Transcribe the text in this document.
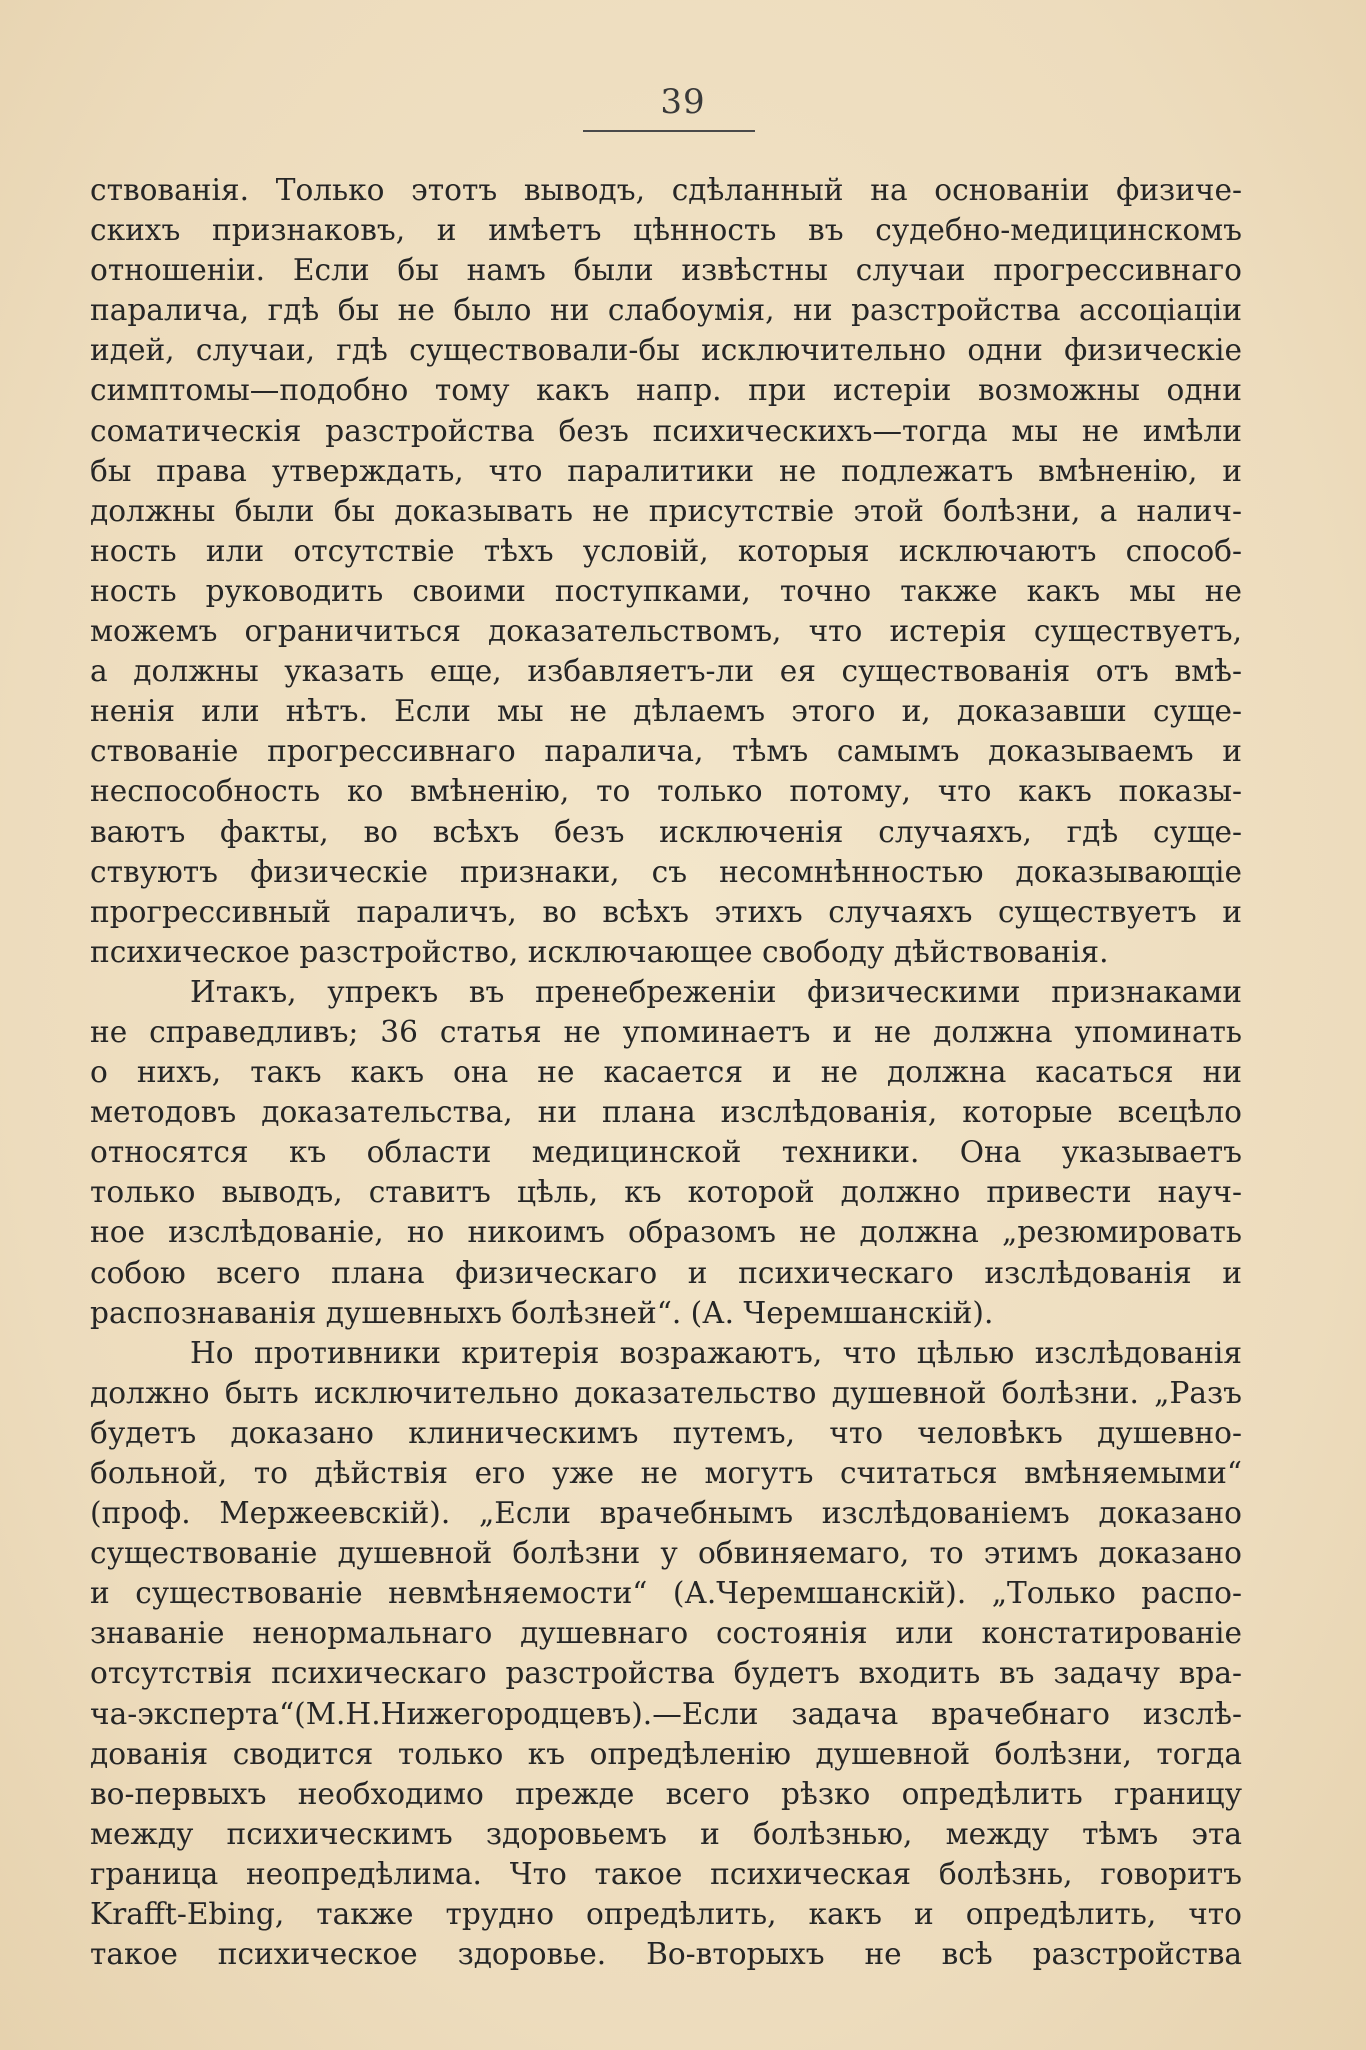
39
ствованія. Только этотъ выводъ, сдѣланный на основаніи физиче-
скихъ признаковъ, и имѣетъ цѣнность въ судебно-медицинскомъ
отношеніи. Если бы намъ были извѣстны случаи прогрессивнаго
паралича, гдѣ бы не было ни слабоумія, ни разстройства ассоціаціи
идей, случаи, гдѣ существовали-бы исключительно одни физическіе
симптомы—подобно тому какъ напр. при истеріи возможны одни
соматическія разстройства безъ психическихъ—тогда мы не имѣли
бы права утверждать, что паралитики не подлежатъ вмѣненію, и
должны были бы доказывать не присутствіе этой болѣзни, а налич-
ность или отсутствіе тѣхъ условій, которыя исключаютъ способ-
ность руководить своими поступками, точно также какъ мы не
можемъ ограничиться доказательствомъ, что истерія существуетъ,
а должны указать еще, избавляетъ-ли ея существованія отъ вмѣ-
ненія или нѣтъ. Если мы не дѣлаемъ этого и, доказавши суще-
ствованіе прогрессивнаго паралича, тѣмъ самымъ доказываемъ и
неспособность ко вмѣненію, то только потому, что какъ показы-
ваютъ факты, во всѣхъ безъ исключенія случаяхъ, гдѣ суще-
ствуютъ физическіе признаки, съ несомнѣнностью доказывающіе
прогрессивный параличъ, во всѣхъ этихъ случаяхъ существуетъ и
психическое разстройство, исключающее свободу дѣйствованія.
Итакъ, упрекъ въ пренебреженіи физическими признаками
не справедливъ; 36 статья не упоминаетъ и не должна упоминать
о нихъ, такъ какъ она не касается и не должна касаться ни
методовъ доказательства, ни плана изслѣдованія, которые всецѣло
относятся къ области медицинской техники. Она указываетъ
только выводъ, ставитъ цѣль, къ которой должно привести науч-
ное изслѣдованіе, но никоимъ образомъ не должна „резюмировать
собою всего плана физическаго и психическаго изслѣдованія и
распознаванія душевныхъ болѣзней“. (А. Черемшанскій).
Но противники критерія возражаютъ, что цѣлью изслѣдованія
должно быть исключительно доказательство душевной болѣзни. „Разъ
будетъ доказано клиническимъ путемъ, что человѣкъ душевно-
больной, то дѣйствія его уже не могутъ считаться вмѣняемыми“
(проф. Мержеевскій). „Если врачебнымъ изслѣдованіемъ доказано
существованіе душевной болѣзни у обвиняемаго, то этимъ доказано
и существованіе невмѣняемости“ (А.Черемшанскій). „Только распо-
знаваніе ненормальнаго душевнаго состоянія или констатированіе
отсутствія психическаго разстройства будетъ входить въ задачу вра-
ча-эксперта“(М.Н.Нижегородцевъ).—Если задача врачебнаго изслѣ-
дованія сводится только къ опредѣленію душевной болѣзни, тогда
во-первыхъ необходимо прежде всего рѣзко опредѣлить границу
между психическимъ здоровьемъ и болѣзнью, между тѣмъ эта
граница неопредѣлима. Что такое психическая болѣзнь, говоритъ
Krafft-Ebing, также трудно опредѣлить, какъ и опредѣлить, что
такое психическое здоровье. Во-вторыхъ не всѣ разстройства
